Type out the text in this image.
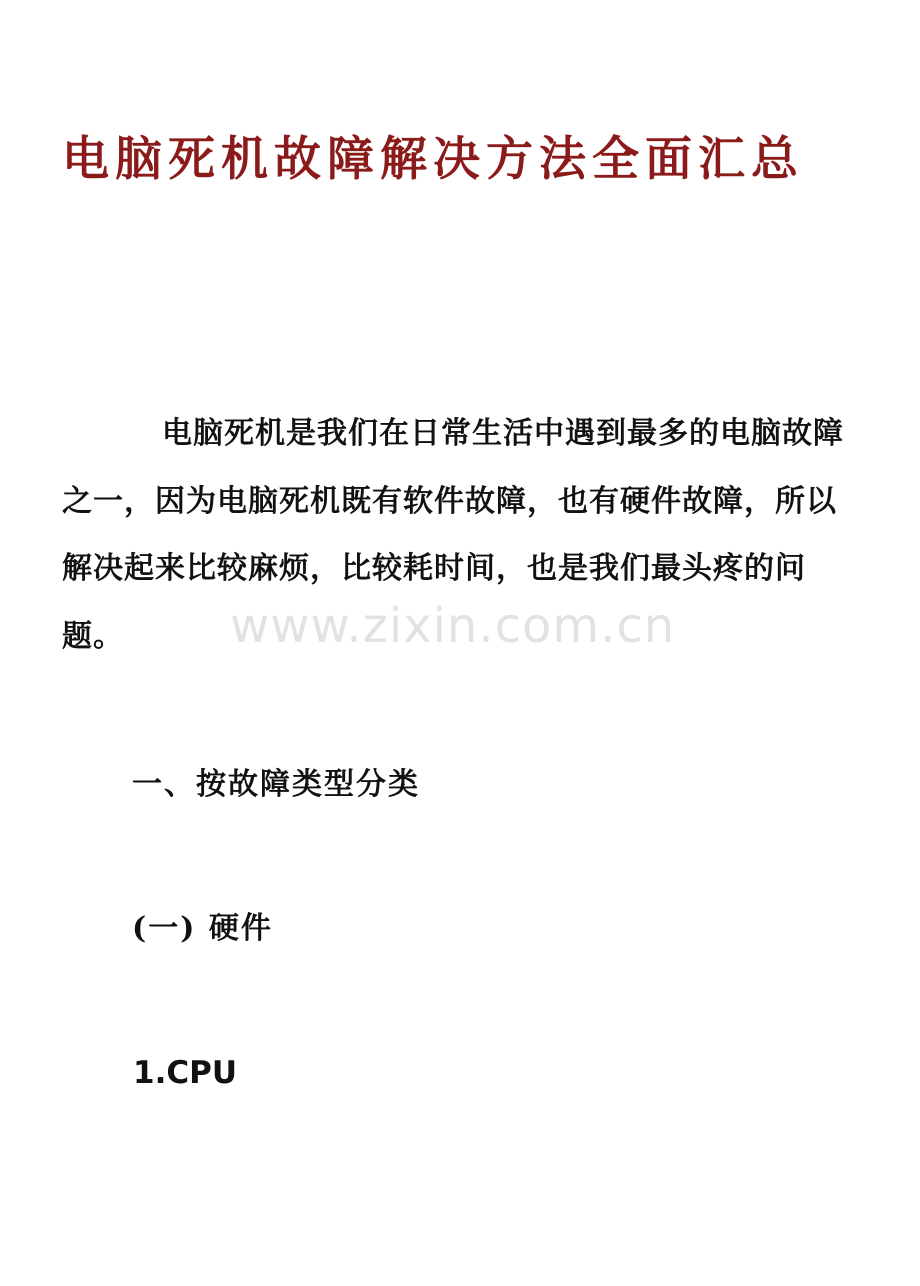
电脑死机故障解决方法全面汇总

电脑死机是我们在日常生活中遇到最多的电脑故障之一，因为电脑死机既有软件故障，也有硬件故障，所以解决起来比较麻烦，比较耗时间，也是我们最头疼的问题。	www.zixin.com.cn
一、按故障类型分类
(一) 硬件
1.CPU
